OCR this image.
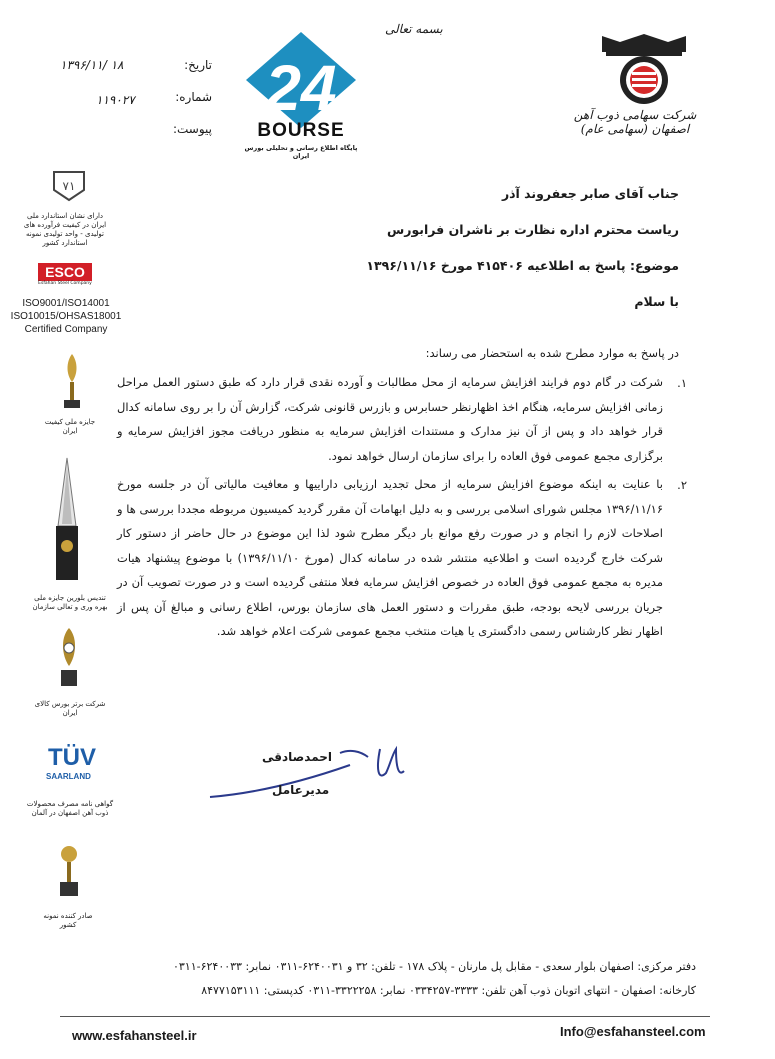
بسمه تعالی
شرکت سهامی ذوب آهن اصفهان (سهامی عام)
24
BOURSE
پایگاه اطلاع رسانی و تحلیلی بورس ایران
تاریخ:
۱۳۹۶/۱۱/ ۱۸
شماره:
۱۱۹۰۲۷
پیوست:
۷۱
دارای نشان استاندارد ملی ایران در کیفیت فرآورده های تولیدی - واحد تولیدی نمونه استاندارد کشور
ESCO
Esfahan Steel Company
ISO9001/ISO14001
ISO10015/OHSAS18001
Certified Company
جایزه ملی کیفیت ایران
تندیس بلورین جایزه ملی بهره وری و تعالی سازمان
شرکت برتر بورس کالای ایران
TÜV
SAARLAND
گواهی نامه مصرف محصولات ذوب آهن اصفهان در آلمان
صادر کننده نمونه کشور
جناب آقای صابر جعفروند آذر
ریاست محترم اداره نظارت بر ناشران فرابورس
موضوع: پاسخ به اطلاعیه ۴۱۵۴۰۶ مورخ ۱۳۹۶/۱۱/۱۶
با سلام
در پاسخ به موارد مطرح شده به استحضار می رساند:
۱.
شرکت در گام دوم فرایند افزایش سرمایه از محل مطالبات و آورده نقدی قرار دارد که طبق دستور العمل مراحل زمانی افزایش سرمایه، هنگام اخذ اظهارنظر حسابرس و بازرس قانونی شرکت، گزارش آن را بر روی سامانه کدال قرار خواهد داد و پس از آن نیز مدارک و مستندات افزایش سرمایه به منظور دریافت مجوز افزایش سرمایه و برگزاری مجمع عمومی فوق العاده را برای سازمان ارسال خواهد نمود.
۲.
با عنایت به اینکه موضوع افزایش سرمایه از محل تجدید ارزیابی داراییها و معافیت مالیاتی آن در جلسه مورخ ۱۳۹۶/۱۱/۱۶ مجلس شورای اسلامی بررسی و به دلیل ابهامات آن مقرر گردید کمیسیون مربوطه مجددا بررسی ها و اصلاحات لازم را انجام و در صورت رفع موانع بار دیگر مطرح شود لذا این موضوع در حال حاضر از دستور کار شرکت خارج گردیده است و اطلاعیه منتشر شده در سامانه کدال (مورخ ۱۳۹۶/۱۱/۱۰) با موضوع پیشنهاد هیات مدیره به مجمع عمومی فوق العاده در خصوص افزایش سرمایه فعلا منتفی گردیده است و در صورت تصویب آن در جریان بررسی لایحه بودجه، طبق مقررات و دستور العمل های سازمان بورس، اطلاع رسانی و مبالغ آن پس از اظهار نظر کارشناس رسمی دادگستری یا هیات منتخب مجمع عمومی شرکت اعلام خواهد شد.
احمدصادقی
مدیرعامل
دفتر مرکزی: اصفهان بلوار سعدی - مقابل پل مارنان - پلاک ۱۷۸ - تلفن: ۳۲ و ۶۲۴۰۰۳۱-۰۳۱۱ نمابر: ۶۲۴۰۰۳۳-۰۳۱۱
کارخانه: اصفهان - انتهای اتوبان ذوب آهن تلفن: ۳۳۳۳-۰۳۳۴۲۵۷ نمابر: ۳۳۲۲۲۵۸-۰۳۱۱ کدپستی: ۸۴۷۷۱۵۳۱۱۱
www.esfahansteel.ir	Info@esfahansteel.com
